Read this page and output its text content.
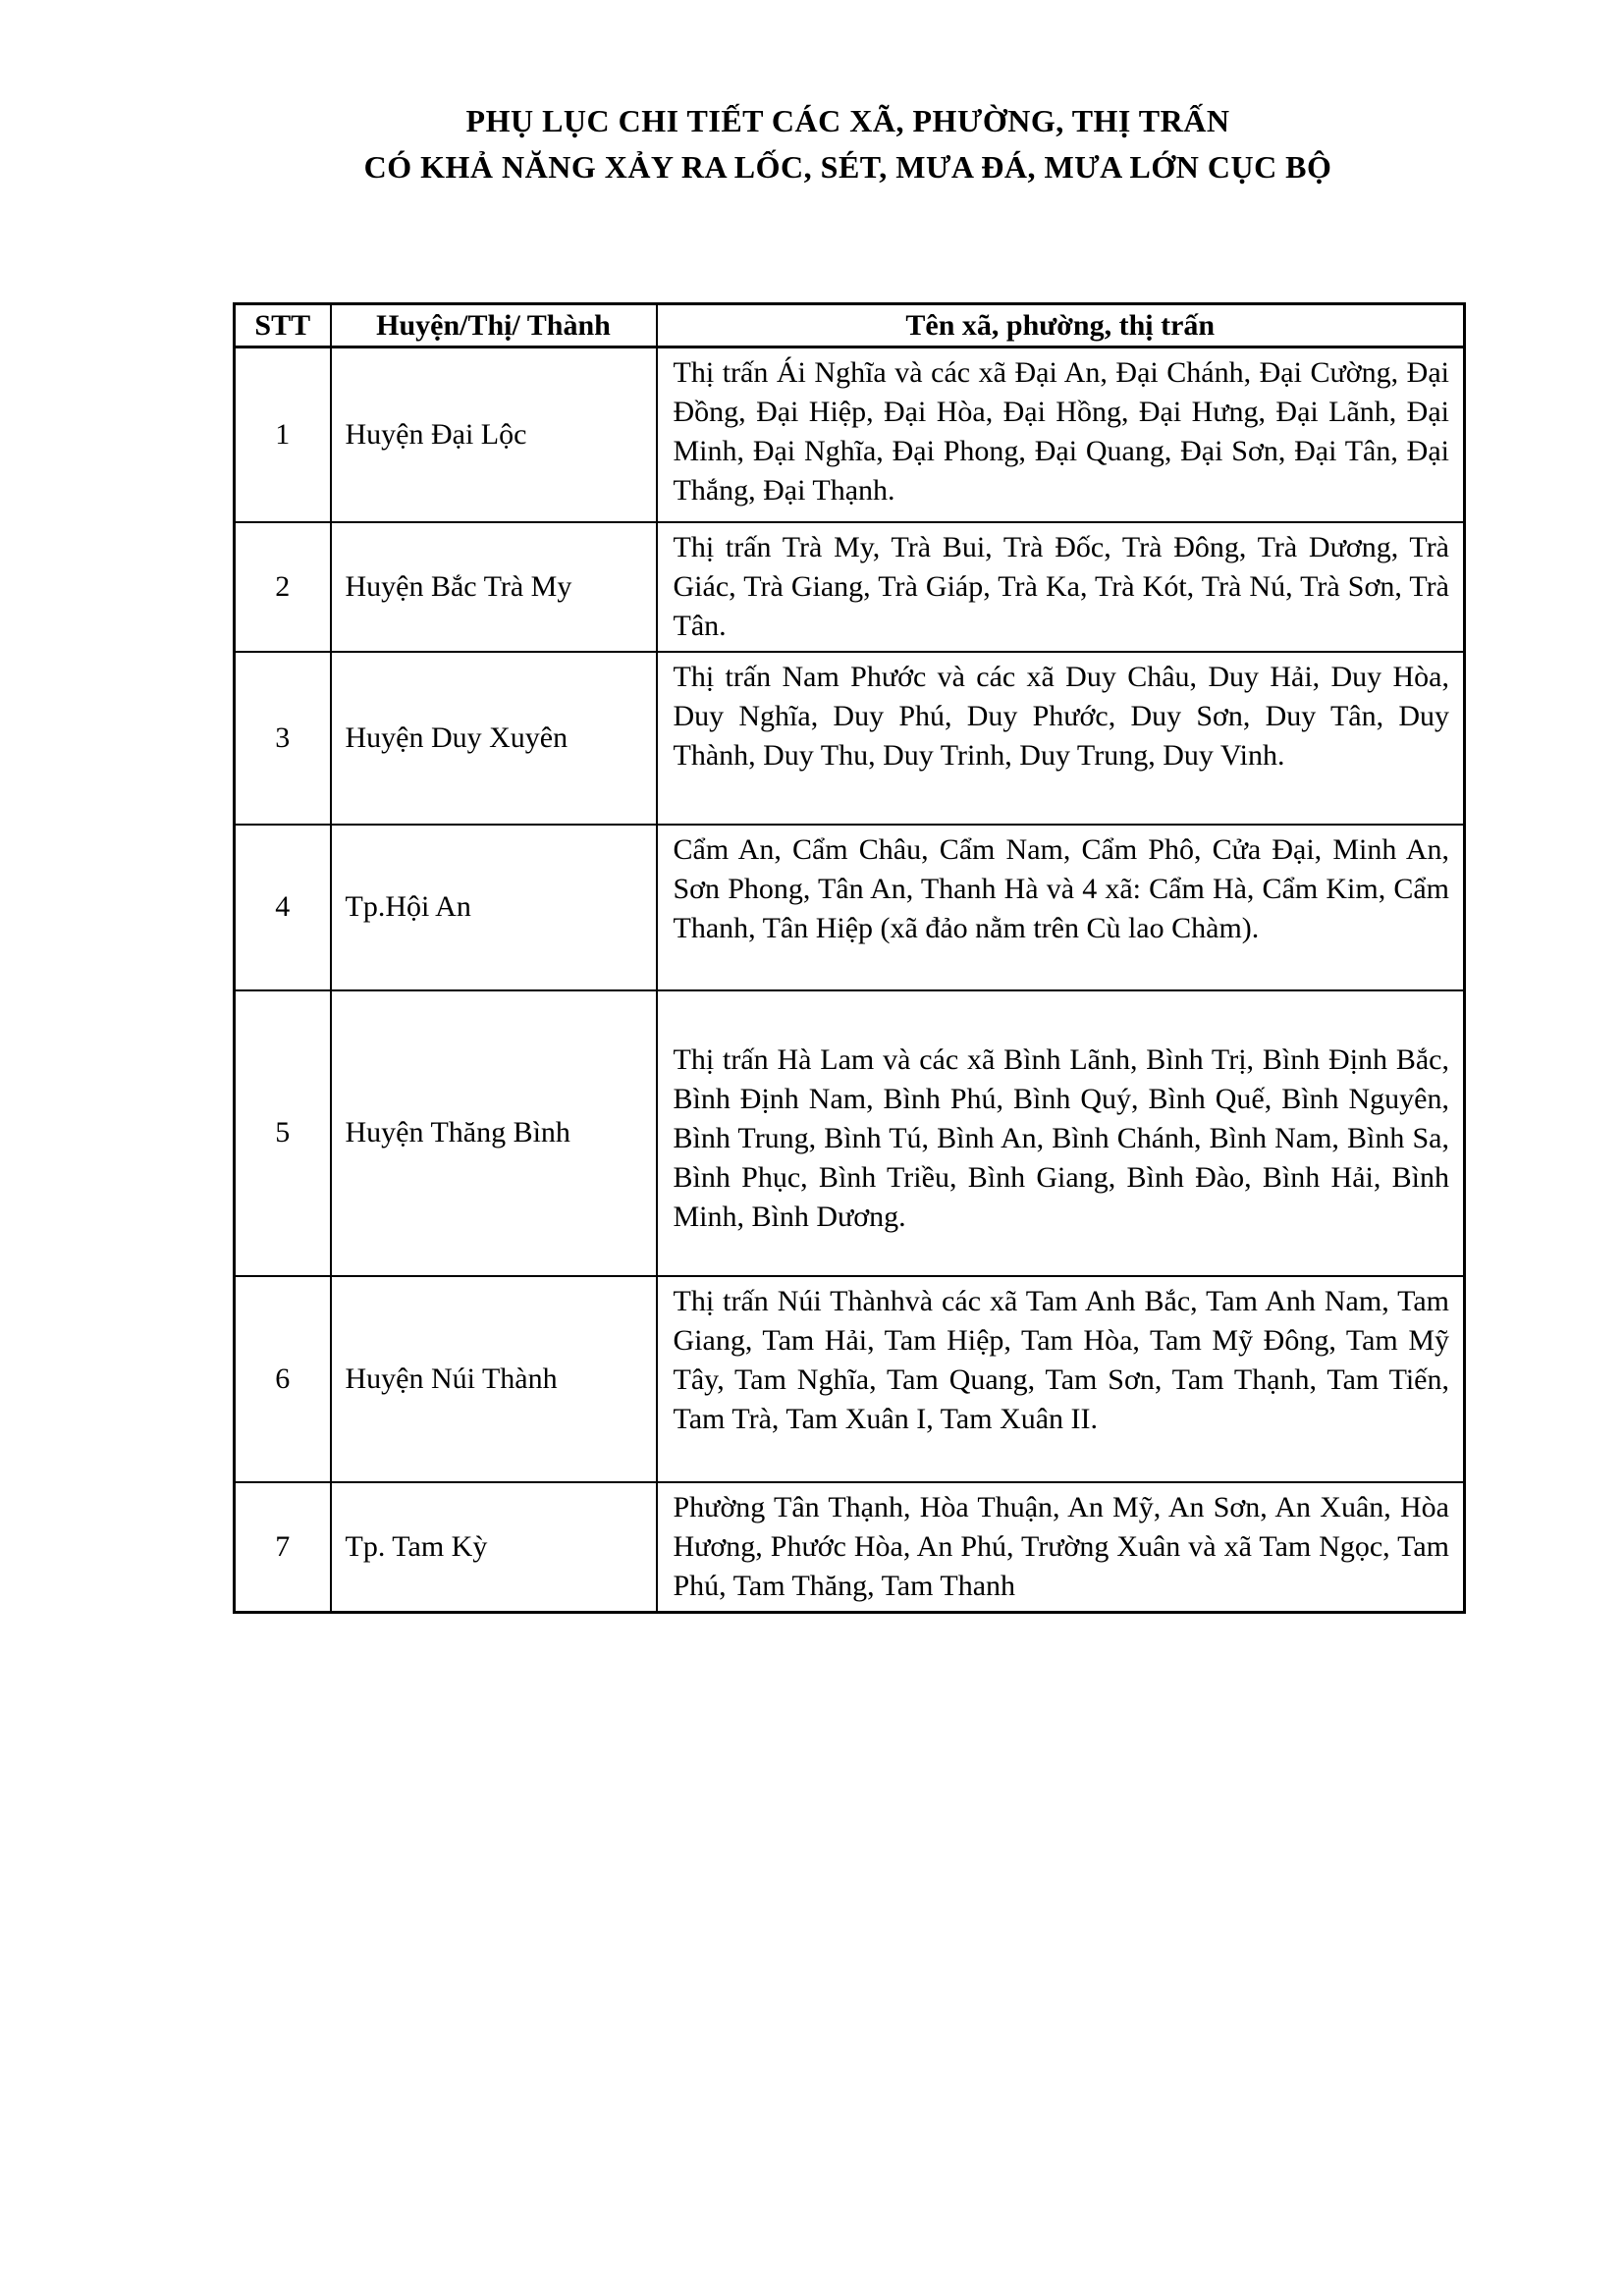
PHỤ LỤC CHI TIẾT CÁC XÃ, PHƯỜNG, THỊ TRẤN
CÓ KHẢ NĂNG XẢY RA LỐC, SÉT, MƯA ĐÁ, MƯA LỚN CỤC BỘ
STT	Huyện/Thị/ Thành	Tên xã, phường, thị trấn
1	Huyện Đại Lộc	Thị trấn Ái Nghĩa và các xã Đại An, Đại Chánh, Đại Cường, Đại Đồng, Đại Hiệp, Đại Hòa, Đại Hồng, Đại Hưng, Đại Lãnh, Đại Minh, Đại Nghĩa, Đại Phong, Đại Quang, Đại Sơn, Đại Tân, Đại Thắng, Đại Thạnh.
2	Huyện Bắc Trà My	Thị trấn Trà My, Trà Bui, Trà Đốc, Trà Đông, Trà Dương, Trà Giác, Trà Giang, Trà Giáp, Trà Ka, Trà Kót, Trà Nú, Trà Sơn, Trà Tân.
3	Huyện Duy Xuyên	Thị trấn Nam Phước và các xã Duy Châu, Duy Hải, Duy Hòa, Duy Nghĩa, Duy Phú, Duy Phước, Duy Sơn, Duy Tân, Duy Thành, Duy Thu, Duy Trinh, Duy Trung, Duy Vinh.
4	Tp.Hội An	Cẩm An, Cẩm Châu, Cẩm Nam, Cẩm Phô, Cửa Đại, Minh An, Sơn Phong, Tân An, Thanh Hà và 4 xã: Cẩm Hà, Cẩm Kim, Cẩm Thanh, Tân Hiệp (xã đảo nằm trên Cù lao Chàm).
5	Huyện Thăng Bình	Thị trấn Hà Lam và các xã Bình Lãnh, Bình Trị, Bình Định Bắc, Bình Định Nam, Bình Phú, Bình Quý, Bình Quế, Bình Nguyên, Bình Trung, Bình Tú, Bình An, Bình Chánh, Bình Nam, Bình Sa, Bình Phục, Bình Triều, Bình Giang, Bình Đào, Bình Hải, Bình Minh, Bình Dương.
6	Huyện Núi Thành	Thị trấn Núi Thànhvà các xã Tam Anh Bắc, Tam Anh Nam, Tam Giang, Tam Hải, Tam Hiệp, Tam Hòa, Tam Mỹ Đông, Tam Mỹ Tây, Tam Nghĩa, Tam Quang, Tam Sơn, Tam Thạnh, Tam Tiến, Tam Trà, Tam Xuân I, Tam Xuân II.
7	Tp. Tam Kỳ	Phường Tân Thạnh, Hòa Thuận, An Mỹ, An Sơn, An Xuân, Hòa Hương, Phước Hòa, An Phú, Trường Xuân và xã Tam Ngọc, Tam Phú, Tam Thăng, Tam Thanh
